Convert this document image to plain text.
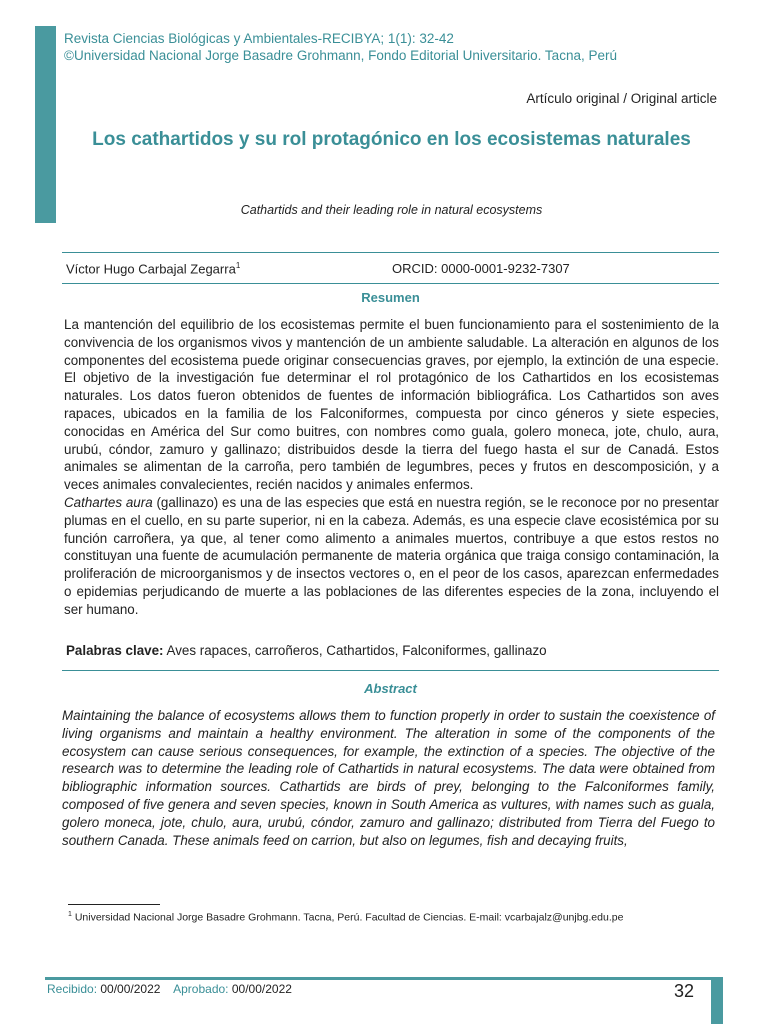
Revista Ciencias Biológicas y Ambientales-RECIBYA; 1(1): 32-42
©Universidad Nacional Jorge Basadre Grohmann, Fondo Editorial Universitario. Tacna, Perú
Artículo original / Original article
Los cathartidos y su rol protagónico en los ecosistemas naturales
Cathartids and their leading role in natural ecosystems
Víctor Hugo Carbajal Zegarra$^1$	ORCID: 0000-0001-9232-7307
Resumen

La mantención del equilibrio de los ecosistemas permite el buen funcionamiento para el sostenimiento de la convivencia de los organismos vivos y mantención de un ambiente saludable. La alteración en algunos de los componentes del ecosistema puede originar consecuencias graves, por ejemplo, la extinción de una especie. El objetivo de la investigación fue determinar el rol protagónico de los Cathartidos en los ecosistemas naturales. Los datos fueron obtenidos de fuentes de información bibliográfica. Los Cathartidos son aves rapaces, ubicados en la familia de los Falconiformes, compuesta por cinco géneros y siete especies, conocidas en América del Sur como buitres, con nombres como guala, golero moneca, jote, chulo, aura, urubú, cóndor, zamuro y gallinazo; distribuidos desde la tierra del fuego hasta el sur de Canadá. Estos animales se alimentan de la carroña, pero también de legumbres, peces y frutos en descomposición, y a veces animales convalecientes, recién nacidos y animales enfermos.

Cathartes aura (gallinazo) es una de las especies que está en nuestra región, se le reconoce por no presentar plumas en el cuello, en su parte superior, ni en la cabeza. Además, es una especie clave ecosistémica por su función carroñera, ya que, al tener como alimento a animales muertos, contribuye a que estos restos no constituyan una fuente de acumulación permanente de materia orgánica que traiga consigo contaminación, la proliferación de microorganismos y de insectos vectores o, en el peor de los casos, aparezcan enfermedades o epidemias perjudicando de muerte a las poblaciones de las diferentes especies de la zona, incluyendo el ser humano.

Palabras clave: Aves rapaces, carroñeros, Cathartidos, Falconiformes, gallinazo
Abstract
Maintaining the balance of ecosystems allows them to function properly in order to sustain the coexistence of living organisms and maintain a healthy environment. The alteration in some of the components of the ecosystem can cause serious consequences, for example, the extinction of a species. The objective of the research was to determine the leading role of Cathartids in natural ecosystems. The data were obtained from bibliographic information sources. Cathartids are birds of prey, belonging to the Falconiformes family, composed of five genera and seven species, known in South America as vultures, with names such as guala, golero moneca, jote, chulo, aura, urubú, cóndor, zamuro and gallinazo; distributed from Tierra del Fuego to southern Canada. These animals feed on carrion, but also on legumes, fish and decaying fruits,
$^1$ Universidad Nacional Jorge Basadre Grohmann. Tacna, Perú. Facultad de Ciencias. E-mail: vcarbajalz@unjbg.edu.pe
Recibido: 00/00/2022 Aprobado: 00/00/2022	32
